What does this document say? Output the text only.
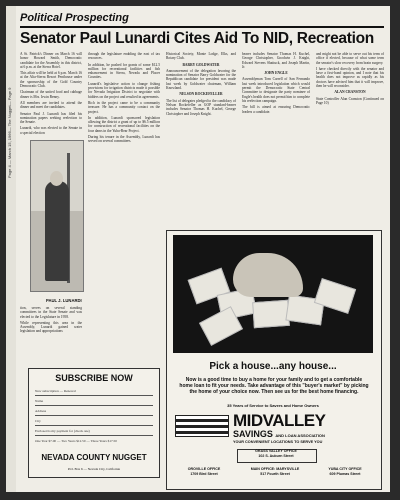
Page 4 — March 15, 1966— The Nugget— Page 9
Political Prospecting
Senator Paul Lunardi Cites Aid To NID, Recreation

A St. Patrick's Dinner on March 16 will honor Howard Smith, Democratic candidate for the Assembly in this district, at 6 p.m. at the Sierra Hotel.

This affair will be held at 6 p.m. March 16 at the Alta-Sierra Resort Penthouse under the sponsorship of the Gold Country Democratic Club.

Chairman of the united food and cabbage dinner is Mrs. Irwin Benny.

All members are invited to attend the dinner and meet the candidates.

Senator Paul J. Lunardi has filed his nomination papers seeking reelection to the Senate.

Lunardi, who was elected to the Senate in a special election

PAUL J. LUNARDI

tion, serves on several standing committees in the State Senate and was elected to the Legislature in 1958.

While representing this area in the Assembly, Lunardi gained water legislation and appropriations

through the legislature enabling the east of tax resources.

In addition, he pushed for grants of some $12.5 million for recreational facilities and fish enhancement in Sierra, Nevada and Placer Counties.

Lunardi's legislative action to change fishing provisions for irrigation districts made it possible for Nevada Irrigation District to negotiate with bidders on the project and resulted in agreements.

Rich in the project came to be a community treasure. He has a community contact on the project.

In addition, Lunardi sponsored legislation allowing the district a grant of up to $6.5 million for construction of recreational facilities on the four dams in the Yuba-Bear Project.

During his tenure in the Assembly, Lunardi has served on several committees.

Historical Society, Monte Lodge, Elks, and Rotary Club.

BARRY GOLDWATER

Announcement of the delegation favoring the nomination of Senator Barry Goldwater for the Republican candidate for president was made last week by Goldwater chairman, William Knowland.

NELSON ROCKEFELLER

The list of delegates pledged to the candidacy of Nelson Rockefeller as GOP standard-bearer includes Senator Thomas H. Kuchel, George Christopher and Joseph Knight.

bearer includes Senator Thomas H. Kuchel, George Christopher, Goodwin J. Knight, Edward Stevens Shattuck, and Joseph Martin, Jr.

JOHN ENGLE

Assemblyman Tom Carrell of San Fernando last week introduced legislation which would permit the Democratic State Central Committee to designate the party nominee of Engle's health does not permit him to complete his reelection campaign.

The bill is aimed at ensuring Democratic leaders a candidate.

and might not be able to serve out his term of office if elected, because of what some term the senator's slow recovery from brain surgery.

I have checked directly with the senator and have a first-hand opinion, and I note that his health does not improve as rapidly as his doctors have advised him that it will improve, then he will reconsider.

ALAN CRANSTON

State Controller Alan Cranston (Continued on Page 10)

SUBSCRIBE NOW
New subscription — Renewal
Name
Address
City
Enclosed is my payment for (check one)
One Year $7.00 — Two Years $12.50 — Three Years $17.50
NEVADA COUNTY NUGGET
P.O. Box 6 — Nevada City, California
Pick a house...any house...
Now is a good time to buy a home for your family and to get a comfortable home loan to fit your needs. Take advantage of this "buyer's market" by picking the home of your choice now. Then see us for the best home financing.
35 Years of Service to Savers and Home Owners
MIDVALLEY
SAVINGS AND LOAN ASSOCIATION
YOUR CONVENIENT LOCATIONS TO SERVE YOU
GRASS VALLEY OFFICE
102 S. Auburn Street
OROVILLE OFFICE
1709 Bird Street
MAIN OFFICE: MARYSVILLE
517 Fourth Street
YUBA CITY OFFICE
609 Plumas Street
